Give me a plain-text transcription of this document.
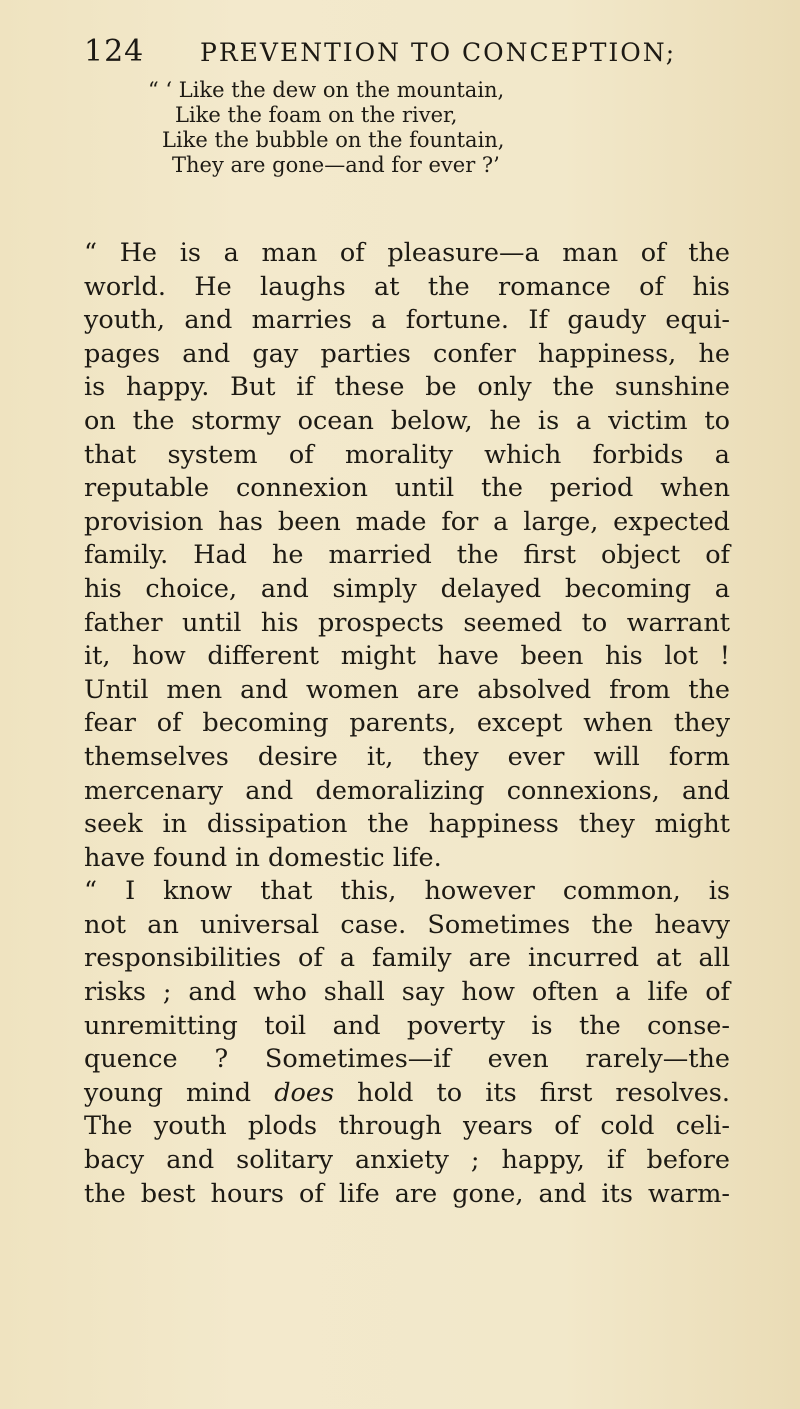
124 PREVENTION TO CONCEPTION;
“ ‘ Like the dew on the mountain,
Like the foam on the river,
Like the bubble on the fountain,
They are gone—and for ever ?’
“ He is a man of pleasure—a man of the
world. He laughs at the romance of his
youth, and marries a fortune. If gaudy equi-
pages and gay parties confer happiness, he
is happy. But if these be only the sunshine
on the stormy ocean below, he is a victim to
that system of morality which forbids a
reputable connexion until the period when
provision has been made for a large, expected
family. Had he married the first object of
his choice, and simply delayed becoming a
father until his prospects seemed to warrant
it, how different might have been his lot !
Until men and women are absolved from the
fear of becoming parents, except when they
themselves desire it, they ever will form
mercenary and demoralizing connexions, and
seek in dissipation the happiness they might
have found in domestic life.
“ I know that this, however common, is
not an universal case. Sometimes the heavy
responsibilities of a family are incurred at all
risks ; and who shall say how often a life of
unremitting toil and poverty is the conse-
quence ? Sometimes—if even rarely—the
young mind does hold to its first resolves.
The youth plods through years of cold celi-
bacy and solitary anxiety ; happy, if before
the best hours of life are gone, and its warm-
